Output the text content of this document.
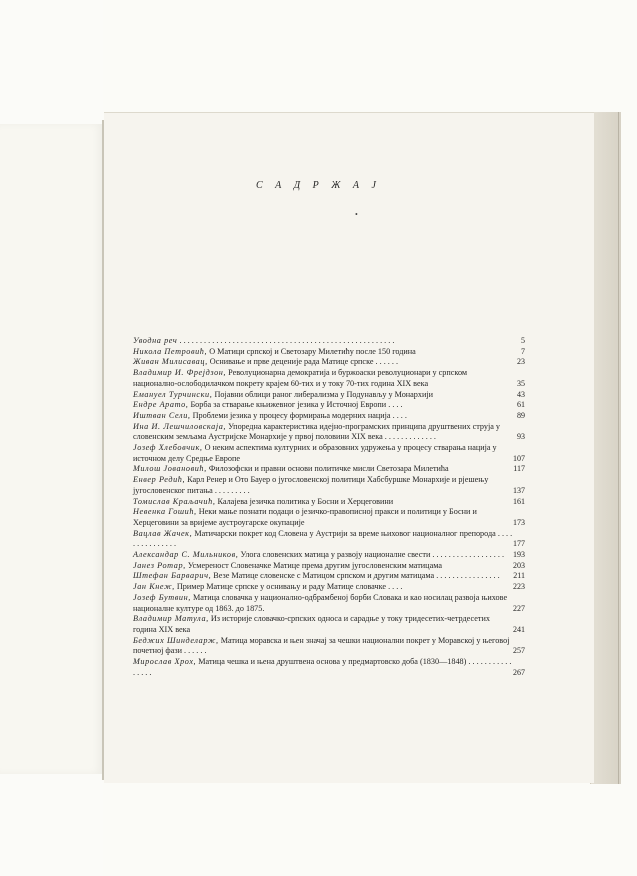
С А Д Р Ж А Ј
•
Уводна реч . . . . . . . . . . . . . . . . . . . . . . . . . . . . . . . . . . . . . . . . . . . . . . . . . . . . .	5
Никола Петровић, О Матици српској и Светозару Милетићу после 150 година	7
Живан Милисавац, Оснивање и прве деценије рада Матице српске . . . . . .	23
Владимир И. Фрејдзон, Револуционарна демократија и буржоаски револуционари у српском национално-ослободилачком покрету крајем 60-тих и у току 70-тих година XIX века	35
Емануел Турчински, Појавни облици раног либерализма у Подунављу у Монархији	43
Ендре Арато, Борба за стварање књижевног језика у Источној Европи . . . .	61
Иштван Сели, Проблеми језика у процесу формирања модерних нација . . . .	89
Ина И. Лешчиловскаја, Упоредна карактеристика идејно-програмских принципа друштвених струја у словенским земљама Аустријске Монархије у првој половини XIX века . . . . . . . . . . . . .	93
Јозеф Хлебовчик, О неким аспектима културних и образовних удружења у процесу стварања нација у источном делу Средње Европе	107
Милош Јовановић, Филозофски и правни основи политичке мисли Светозара Милетића	117
Енвер Редић, Карл Ренер и Ото Бауер о југословенској политици Хабсбуршке Монархије и рјешењу југословенског питања . . . . . . . . .	137
Томислав Краљачић, Калајева језичка политика у Босни и Херцеговини	161
Невенка Гошић, Неки мање познати подаци о језичко-правописној пракси и политици у Босни и Херцеговини за вријеме аустроугарске окупације	173
Вацлав Жачек, Матичарски покрет код Словена у Аустрији за време њиховог националног препорода . . . . . . . . . . . . . . .	177
Александар С. Мильников, Улога словенских матица у развоју националне свести . . . . . . . . . . . . . . . . . . 193
Јанез Ротар, Усмереност Словеначке Матице према другим југословенским матицама	203
Штефан Барварич, Везе Матице словенске с Матицом српском и другим матицама . . . . . . . . . . . . . . . . 211
Јан Кнеж, Пример Матице српске у оснивању и раду Матице словачке . . . .	223
Јозеф Бутвин, Матица словачка у национално-одбрамбеној борби Словака и као носилац развоја њихове националне културе од 1863. до 1875.	227
Владимир Матула, Из историје словачко-српских односа и сарадње у току тридесетих-четрдесетих година XIX века	241
Беджих Шинделарж, Матица моравска и њен значај за чешки национални покрет у Моравској у његовој почетној фази . . . . . .	257
Мирослав Хрох, Матица чешка и њена друштвена основа у предмартовско доба (1830—1848) . . . . . . . . . . . . . . . .	267
